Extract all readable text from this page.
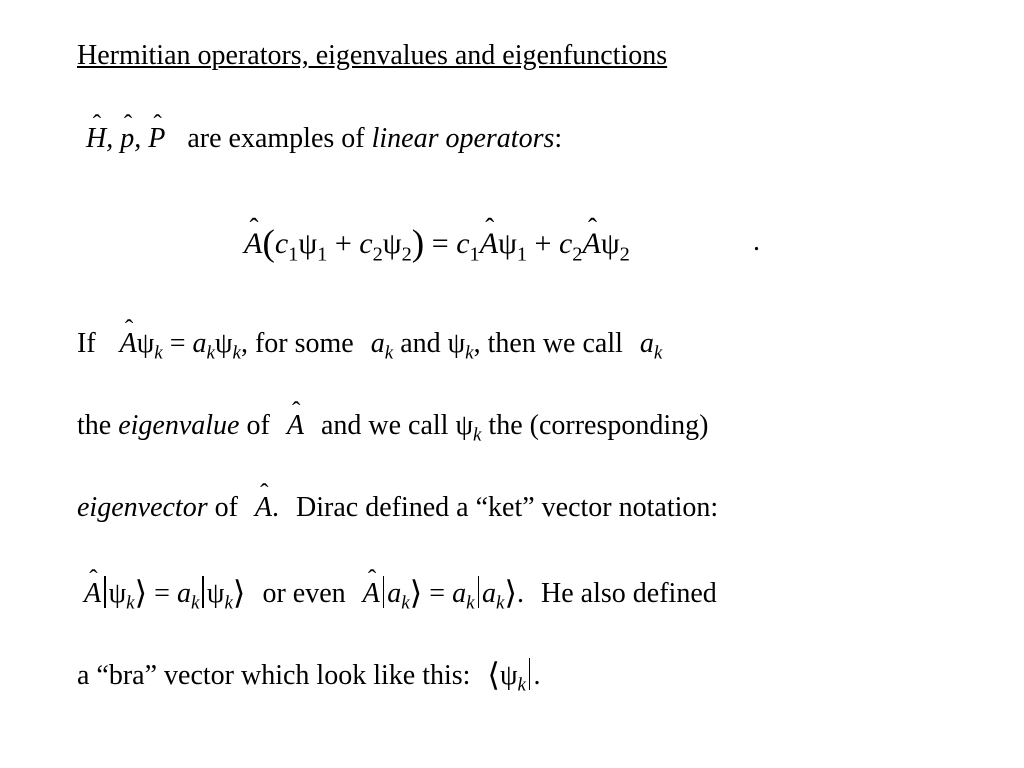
Hermitian operators, eigenvalues and eigenfunctions
ˆ H, ˆ p, ˆ P are examples of linear operators:
ˆ $A(c_1\psi_1 + c_2\psi_2)$ = $c_1ˆ$ $A\psi_1$ + $c_2ˆ$ $A\psi_2$	.
If ˆ $A\psi_k = a_k\psi_k$, for some $a_k$ and $\psi_k$, then we call $a_k$
the eigenvalue of ˆ A and we call $\psi_k$ the (corresponding)
eigenvector of ˆ A. Dirac defined a “ket” vector notation:
ˆ A $\psi_k⟩ = a_k$ $\psi_k⟩$ or even ˆ A $a_k⟩ = a_k$ $a_k⟩$. He also defined
a “bra” vector which look like this: $⟨\psi_k$ .
